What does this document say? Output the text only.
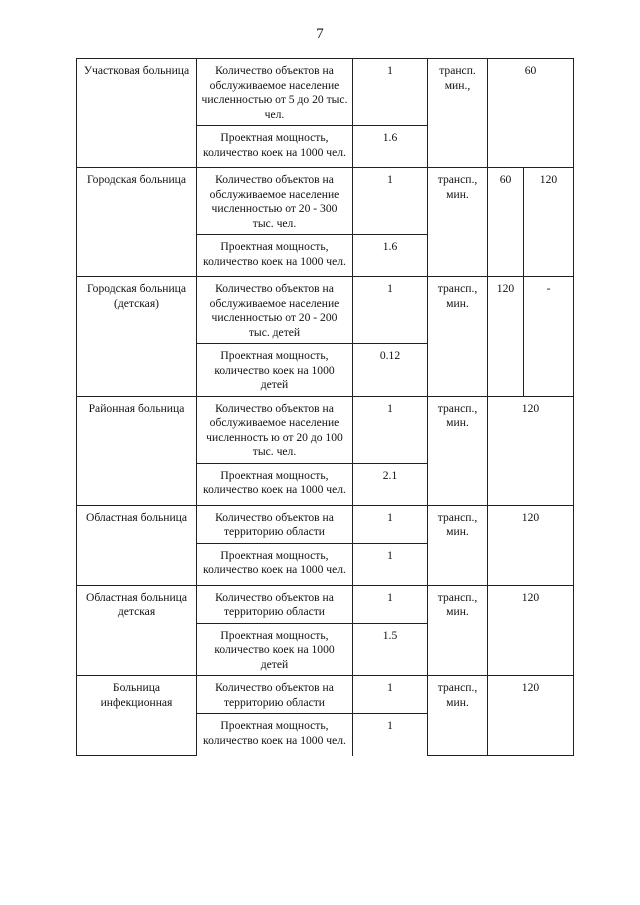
7
Участковая больница	Количество объектов на обслуживаемое население численностью от 5 до 20 тыс. чел.	1	трансп. мин.,	60	
	Проектная мощность, количество коек на 1000 чел.	1.6			
Городская больница	Количество объектов на обслуживаемое население численностью от 20 - 300 тыс. чел.	1	трансп., мин.	60	120
	Проектная мощность, количество коек на 1000 чел.	1.6			
Городская больница (детская)	Количество объектов на обслуживаемое население численностью от 20 - 200 тыс. детей	1	трансп., мин.	120	-
	Проектная мощность, количество коек на 1000 детей	0.12			
Районная больница	Количество объектов на обслуживаемое население численность ю от 20 до 100 тыс. чел.	1	трансп., мин.	120	
	Проектная мощность, количество коек на 1000 чел.	2.1			
Областная больница	Количество объектов на территорию области	1	трансп., мин.	120	
	Проектная мощность, количество коек на 1000 чел.	1			
Областная больница детская	Количество объектов на территорию области	1	трансп., мин.	120	
	Проектная мощность, количество коек на 1000 детей	1.5			
Больница инфекционная	Количество объектов на территорию области	1	трансп., мин.	120	
	Проектная мощность, количество коек на 1000 чел.	1			
